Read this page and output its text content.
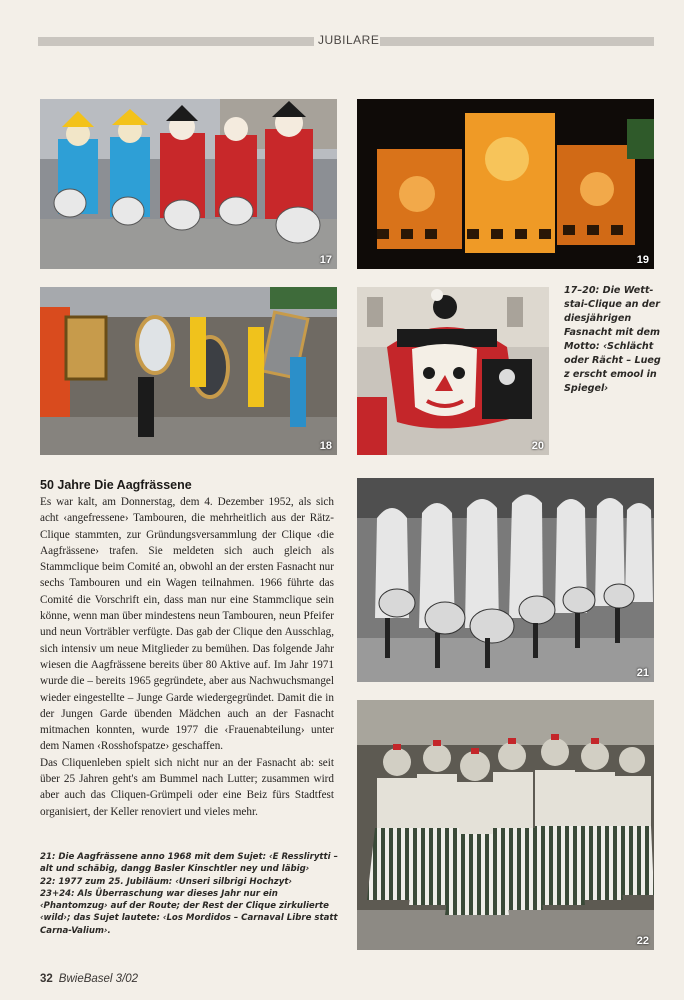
JUBILARE
17	19
18	20
17–20: Die Wett-stai-Clique an der diesjährigen Fasnacht mit dem Motto: ‹Schlächt oder Rächt – Lueg z erscht emool in Spiegel›
50 Jahre Die Aagfrässene

Es war kalt, am Donnerstag, dem 4. Dezember 1952, als sich acht ‹angefressene› Tambouren, die mehrheitlich aus der Rätz-Clique stammten, zur Gründungsversammlung der Clique ‹die Aagfrässene› trafen. Sie meldeten sich auch gleich als Stammclique beim Comité an, obwohl an der ersten Fasnacht nur sechs Tambouren und ein Wagen teilnahmen. 1966 führte das Comité die Vorschrift ein, dass man nur eine Stammclique sein könne, wenn man über mindestens neun Tambouren, neun Pfeifer und neun Vorträbler verfügte. Das gab der Clique den Ausschlag, sich intensiv um neue Mitglieder zu bemühen. Das folgende Jahr wiesen die Aagfrässene bereits über 80 Aktive auf. Im Jahr 1971 wurde die – bereits 1965 gegründete, aber aus Nachwuchsmangel wieder eingestellte – Junge Garde wiedergegründet. Damit die in der Jungen Garde übenden Mädchen auch an der Fasnacht mitmachen konnten, wurde 1977 die ‹Frauenabteilung› unter dem Namen ‹Rosshofspatze› geschaffen.

Das Cliquenleben spielt sich nicht nur an der Fasnacht ab: seit über 25 Jahren geht's am Bummel nach Lutter; zusammen wird aber auch das Cliquen-Grümpeli oder eine Beiz fürs Stadtfest organisiert, der Keller renoviert und vieles mehr.

21
22

21: Die Aagfrässene anno 1968 mit dem Sujet: ‹E Resslirytti – alt und schäbig, dangg Basler Kinschtler ney und läbig›

22: 1977 zum 25. Jubiläum: ‹Unseri silbrigi Hochzyt›

23+24: Als Überraschung war dieses Jahr nur ein ‹Phantomzug› auf der Route; der Rest der Clique zirkulierte ‹wild›; das Sujet lautete: ‹Los Mordidos – Carnaval Libre statt Carna-Valium›.

32 BwieBasel 3/02
